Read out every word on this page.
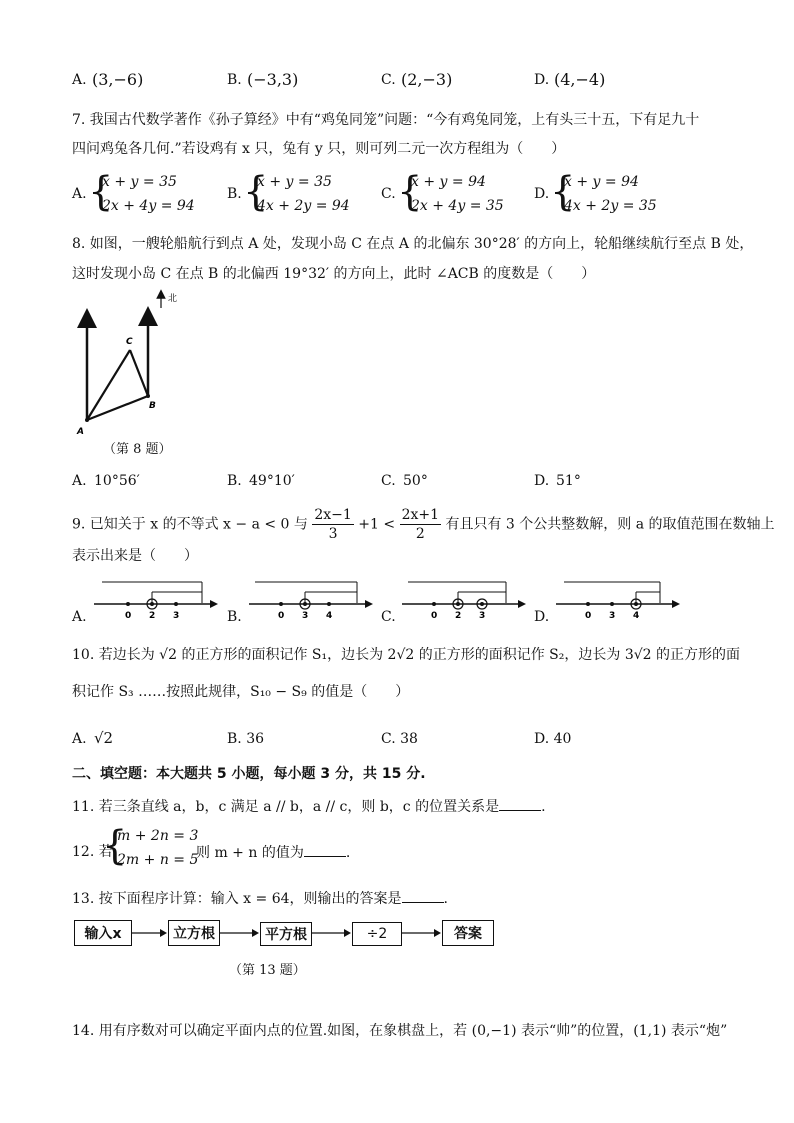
A. (3,−6)	B. (−3,3)	C. (2,−3)	D. (4,−4)
7. 我国古代数学著作《孙子算经》中有“鸡兔同笼”问题：“今有鸡兔同笼，上有头三十五，下有足九十
四问鸡兔各几何.”若设鸡有 x 只，兔有 y 只，则可列二元一次方程组为（　　）
A. {
x + y = 35
2x + 4y = 94
B. {
x + y = 35
4x + 2y = 94
C. {
x + y = 94
2x + 4y = 35
D. {
x + y = 94
4x + 2y = 35
8. 如图，一艘轮船航行到点 A 处，发现小岛 C 在点 A 的北偏东 30°28′ 的方向上，轮船继续航行至点 B 处，
这时发现小岛 C 在点 B 的北偏西 19°32′ 的方向上，此时 ∠ACB 的度数是（　　）
北
A
B
C
（第 8 题）
A. 10°56′	B. 49°10′	C. 50°	D. 51°
9. 已知关于 x 的不等式 x − a < 0 与 $\frac{2x-1}{3} +1 < \frac{2x+1}{2}$ 有且只有 3 个公共整数解，则 a 的取值范围在数轴上
表示出来是（　　）
A.	0 2 3	B.	0 3 4	C.	0 2 3	D.	0 3 4
10. 若边长为 √2 的正方形的面积记作 S₁，边长为 2√2 的正方形的面积记作 S₂，边长为 3√2 的正方形的面
积记作 S₃ ……按照此规律，S₁₀ − S₉ 的值是（　　）
A. √2	B. 36	C. 38	D. 40
二、填空题：本大题共 5 小题，每小题 3 分，共 15 分.
11. 若三条直线 a，b，c 满足 a // b，a // c，则 b，c 的位置关系是	.
12. 若
{
m + 2n = 3
2m + n = 5
则 m + n 的值为	.
13. 按下面程序计算：输入 x = 64，则输出的答案是	.
输入x	立方根	平方根	÷2	答案
（第 13 题）
14. 用有序数对可以确定平面内点的位置.如图，在象棋盘上，若 (0,−1) 表示“帅”的位置，(1,1) 表示“炮”
